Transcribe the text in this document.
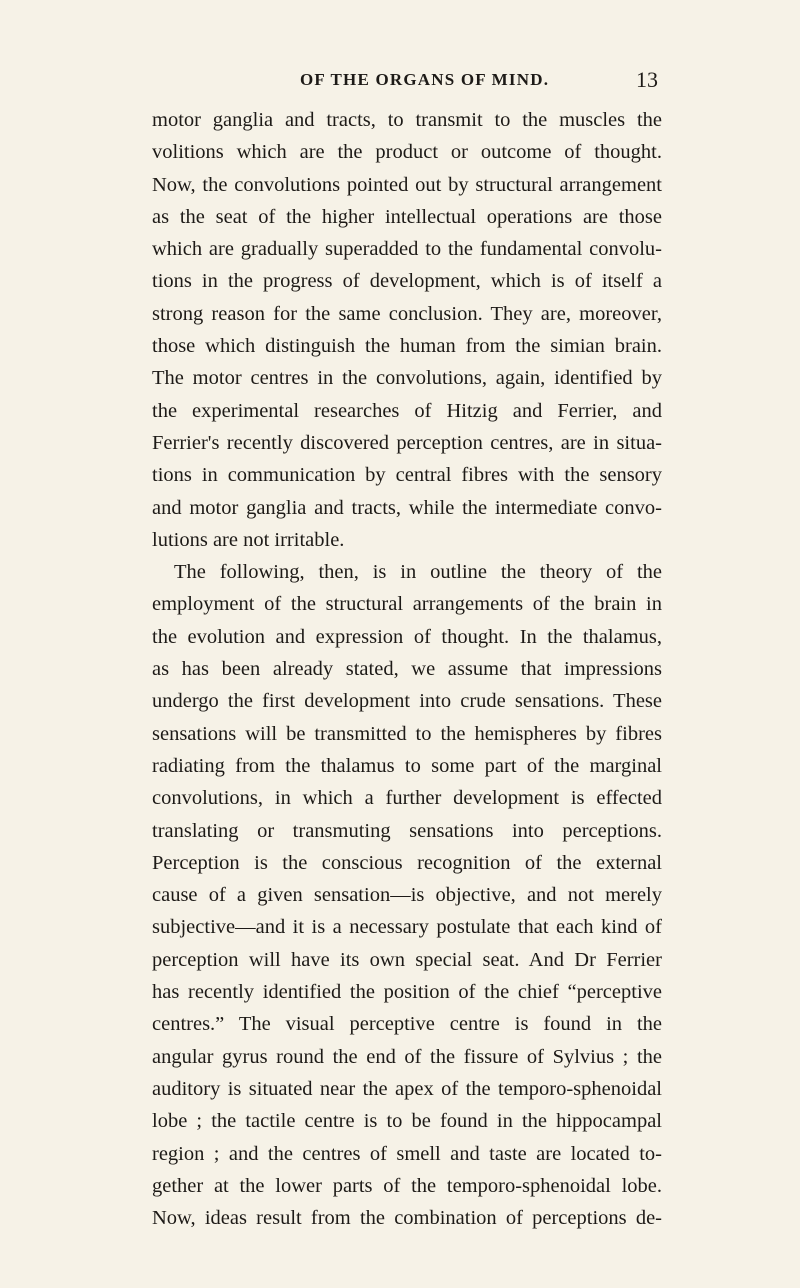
OF THE ORGANS OF MIND.	13
motor ganglia and tracts, to transmit to the muscles the
volitions which are the product or outcome of thought.
Now, the convolutions pointed out by structural arrangement
as the seat of the higher intellectual operations are those
which are gradually superadded to the fundamental convolu-
tions in the progress of development, which is of itself a
strong reason for the same conclusion. They are, moreover,
those which distinguish the human from the simian brain.
The motor centres in the convolutions, again, identified by
the experimental researches of Hitzig and Ferrier, and
Ferrier's recently discovered perception centres, are in situa-
tions in communication by central fibres with the sensory
and motor ganglia and tracts, while the intermediate convo-
lutions are not irritable.
The following, then, is in outline the theory of the
employment of the structural arrangements of the brain in
the evolution and expression of thought. In the thalamus,
as has been already stated, we assume that impressions
undergo the first development into crude sensations. These
sensations will be transmitted to the hemispheres by fibres
radiating from the thalamus to some part of the marginal
convolutions, in which a further development is effected
translating or transmuting sensations into perceptions.
Perception is the conscious recognition of the external
cause of a given sensation—is objective, and not merely
subjective—and it is a necessary postulate that each kind of
perception will have its own special seat. And Dr Ferrier
has recently identified the position of the chief “perceptive
centres.” The visual perceptive centre is found in the
angular gyrus round the end of the fissure of Sylvius ; the
auditory is situated near the apex of the temporo-sphenoidal
lobe ; the tactile centre is to be found in the hippocampal
region ; and the centres of smell and taste are located to-
gether at the lower parts of the temporo-sphenoidal lobe.
Now, ideas result from the combination of perceptions de-
